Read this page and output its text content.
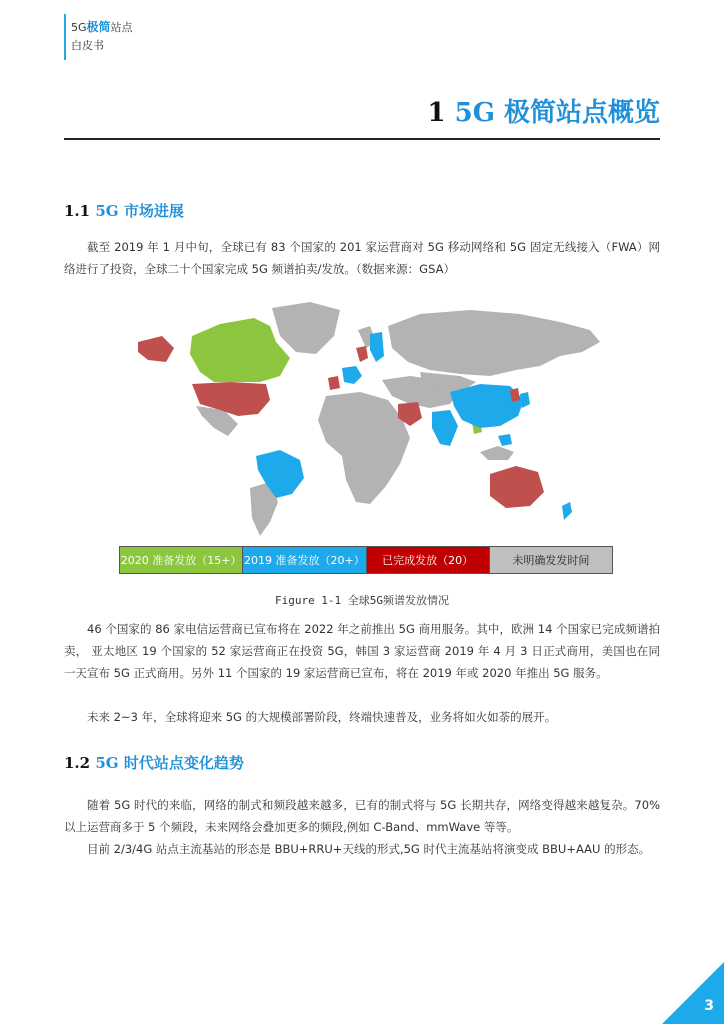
5G极简站点
白皮书
1 5G 极简站点概览
1.1 5G 市场进展
截至 2019 年 1 月中旬，全球已有 83 个国家的 201 家运营商对 5G 移动网络和 5G 固定无线接入（FWA）网络进行了投资，全球二十个国家完成 5G 频谱拍卖/发放。（数据来源：GSA）
2020 准备发放（15+） 2019 准备发放（20+） 已完成发放（20）	未明确发发时间
Figure 1-1 全球5G频谱发放情况
46 个国家的 86 家电信运营商已宣布将在 2022 年之前推出 5G 商用服务。其中，欧洲 14 个国家已完成频谱拍卖， 亚太地区 19 个国家的 52 家运营商正在投资 5G，韩国 3 家运营商 2019 年 4 月 3 日正式商用，美国也在同一天宣布 5G 正式商用。另外 11 个国家的 19 家运营商已宣布，将在 2019 年或 2020 年推出 5G 服务。
未来 2~3 年，全球将迎来 5G 的大规模部署阶段，终端快速普及，业务将如火如荼的展开。
1.2 5G 时代站点变化趋势
随着 5G 时代的来临，网络的制式和频段越来越多，已有的制式将与 5G 长期共存，网络变得越来越复杂。70%以上运营商多于 5 个频段，未来网络会叠加更多的频段,例如 C-Band、mmWave 等等。
目前 2/3/4G 站点主流基站的形态是 BBU+RRU+天线的形式,5G 时代主流基站将演变成 BBU+AAU 的形态。
3
